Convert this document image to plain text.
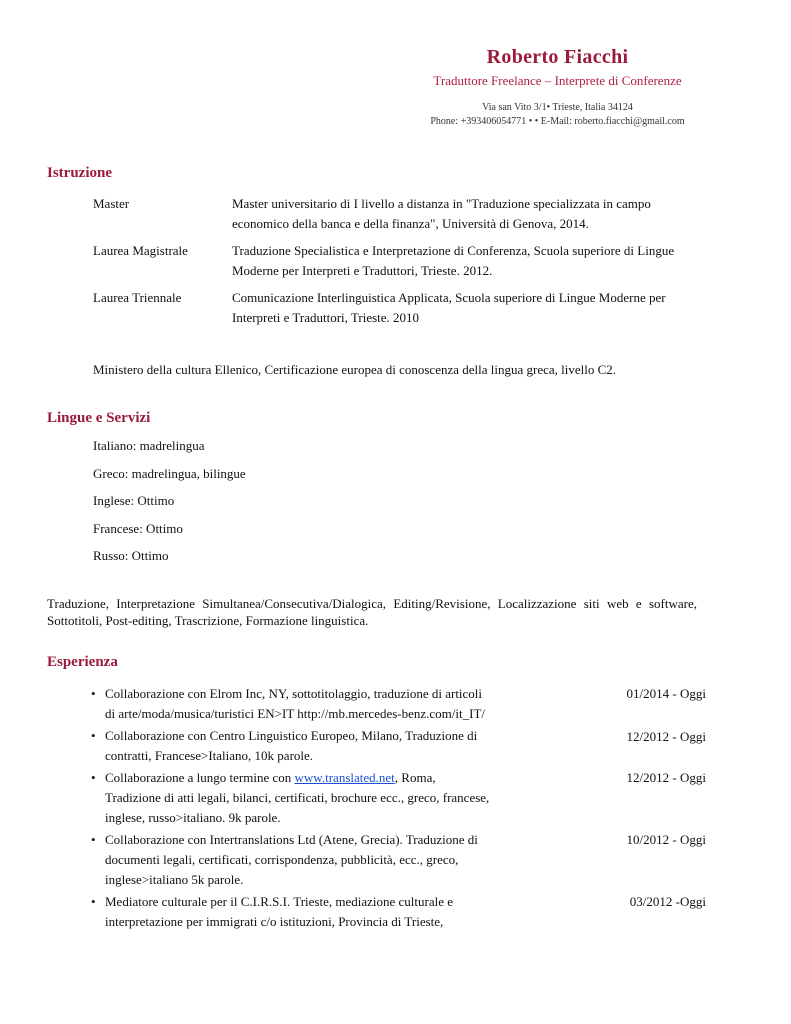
Roberto Fiacchi
Traduttore Freelance – Interprete di Conferenze
Via san Vito 3/1• Trieste, Italia 34124
Phone: +393406054771 • • E-Mail: roberto.fiacchi@gmail.com
Istruzione
Master	Master universitario di I livello a distanza in "Traduzione specializzata in campo economico della banca e della finanza", Università di Genova, 2014.
Laurea Magistrale	Traduzione Specialistica e Interpretazione di Conferenza, Scuola superiore di Lingue Moderne per Interpreti e Traduttori, Trieste. 2012.
Laurea Triennale	Comunicazione Interlinguistica Applicata, Scuola superiore di Lingue Moderne per Interpreti e Traduttori, Trieste. 2010
Ministero della cultura Ellenico, Certificazione europea di conoscenza della lingua greca, livello C2.
Lingue e Servizi
Italiano: madrelingua
Greco: madrelingua, bilingue
Inglese: Ottimo
Francese: Ottimo
Russo: Ottimo
Traduzione, Interpretazione Simultanea/Consecutiva/Dialogica, Editing/Revisione, Localizzazione siti web e software, Sottotitoli, Post-editing, Trascrizione, Formazione linguistica.
Esperienza
• Collaborazione con Elrom Inc, NY, sottotitolaggio, traduzione di articoli di arte/moda/musica/turistici EN>IT http://mb.mercedes-benz.com/it_IT/
01/2014 - Oggi
• Collaborazione con Centro Linguistico Europeo, Milano, Traduzione di contratti, Francese>Italiano, 10k parole.
12/2012 - Oggi
• Collaborazione a lungo termine con www.translated.net, Roma, Tradizione di atti legali, bilanci, certificati, brochure ecc., greco, francese, inglese, russo>italiano. 9k parole.
12/2012 - Oggi
• Collaborazione con Intertranslations Ltd (Atene, Grecia). Traduzione di documenti legali, certificati, corrispondenza, pubblicità, ecc., greco, inglese>italiano 5k parole.
10/2012 - Oggi
• Mediatore culturale per il C.I.R.S.I. Trieste, mediazione culturale e interpretazione per immigrati c/o istituzioni, Provincia di Trieste,
03/2012 -Oggi
